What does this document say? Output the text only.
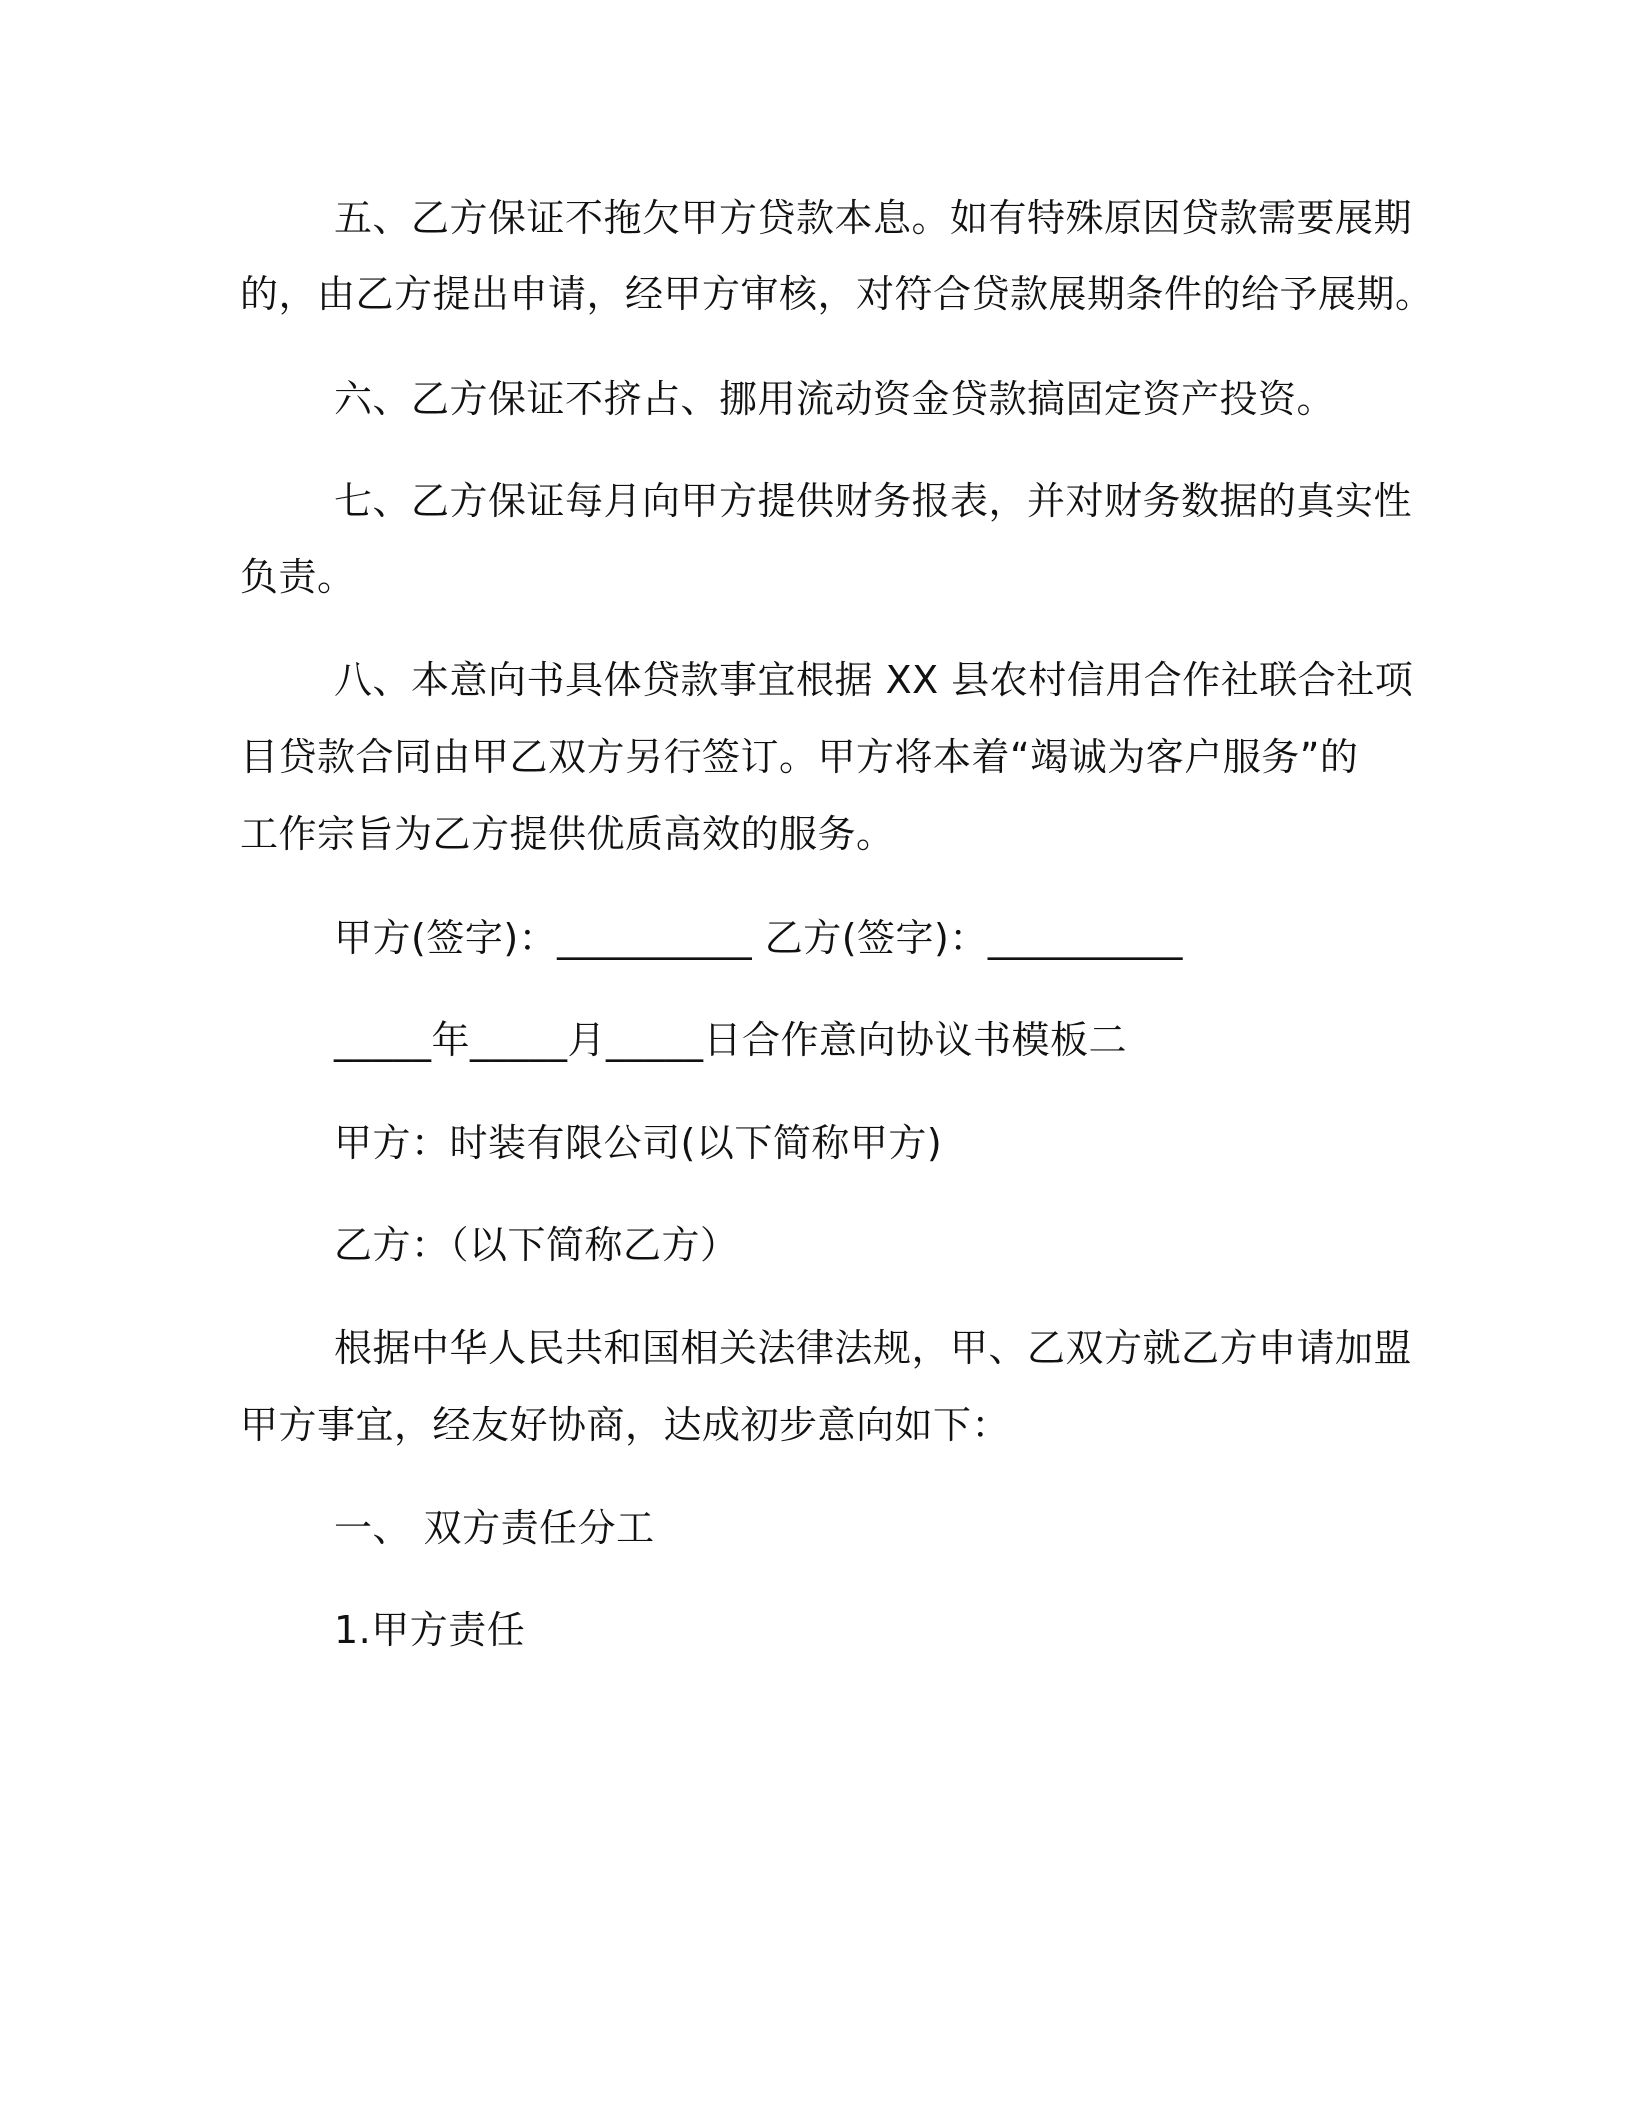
五、乙方保证不拖欠甲方贷款本息。如有特殊原因贷款需要展期
的，由乙方提出申请，经甲方审核，对符合贷款展期条件的给予展期。
六、乙方保证不挤占、挪用流动资金贷款搞固定资产投资。
七、乙方保证每月向甲方提供财务报表，并对财务数据的真实性
负责。
八、本意向书具体贷款事宜根据 XX 县农村信用合作社联合社项
目贷款合同由甲乙双方另行签订。甲方将本着“竭诚为客户服务”的
工作宗旨为乙方提供优质高效的服务。
甲方(签字)：__________ 乙方(签字)：__________
_____年_____月_____日合作意向协议书模板二
甲方：时装有限公司(以下简称甲方)
乙方：（以下简称乙方）
根据中华人民共和国相关法律法规，甲、乙双方就乙方申请加盟
甲方事宜，经友好协商，达成初步意向如下：
一、 双方责任分工
1.甲方责任
